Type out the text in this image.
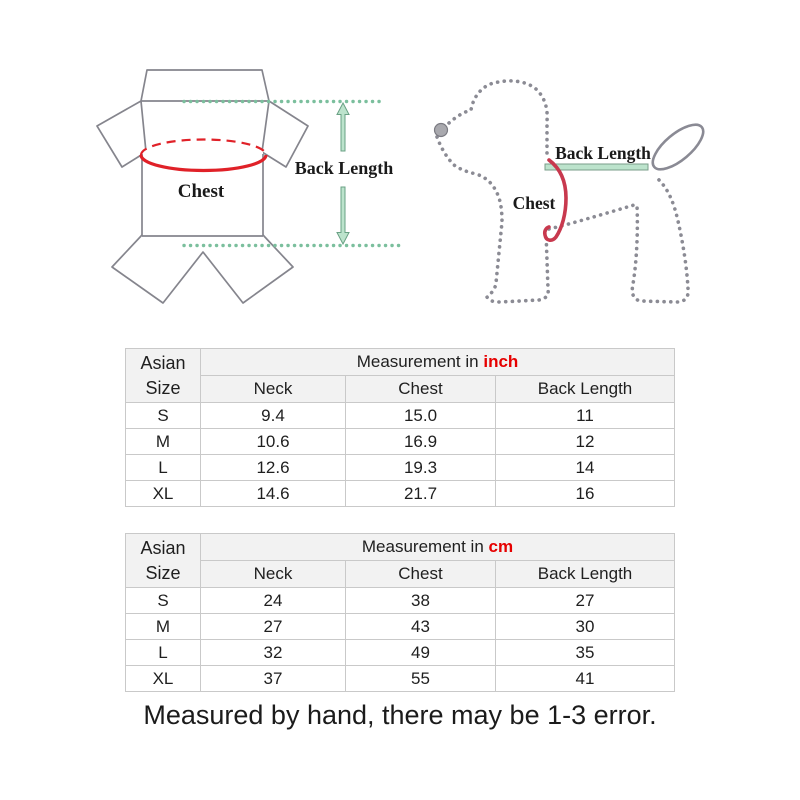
Back Length
Chest
Back Length
Chest
Asian Size	Measurement in inch		
	Neck	Chest	Back Length
S	9.4	15.0	11
M	10.6	16.9	12
L	12.6	19.3	14
XL	14.6	21.7	16
Asian Size	Measurement in cm		
	Neck	Chest	Back Length
S	24	38	27
M	27	43	30
L	32	49	35
XL	37	55	41
Measured by hand, there may be 1-3 error.
